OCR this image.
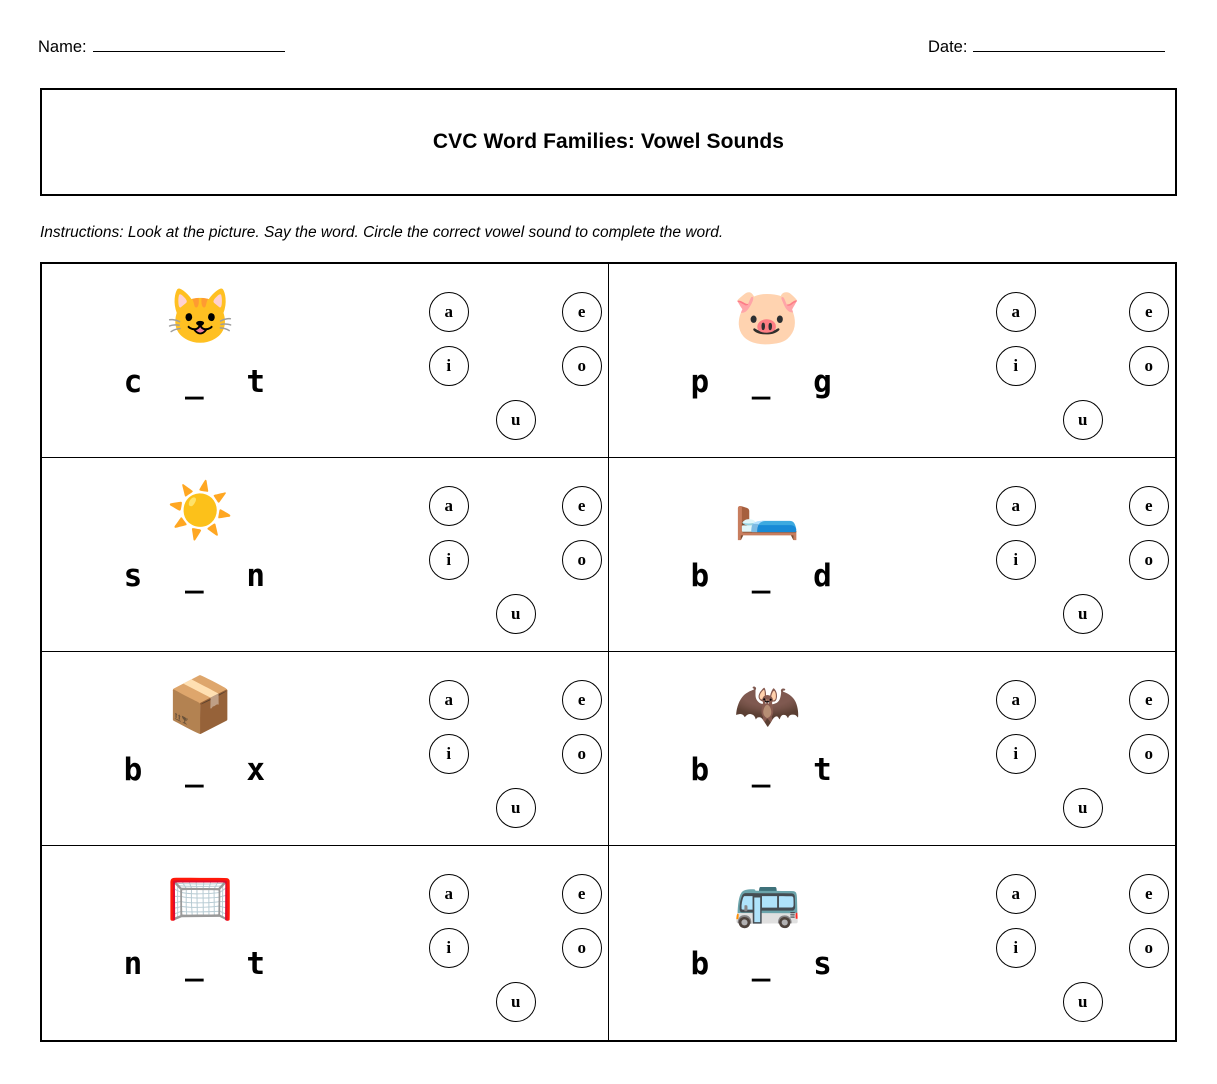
Name:	Date:
CVC Word Families: Vowel Sounds
Instructions: Look at the picture. Say the word. Circle the correct vowel sound to complete the word.
😺
c _ t
a	e
i	o
u
🐷
p _ g
a	e
i	o
u
☀️
s _ n
a	e
i	o
u
🛏️
b _ d
a	e
i	o
u
📦
b _ x
a	e
i	o
u
🦇
b _ t
a	e
i	o
u
🥅
n _ t
a	e
i	o
u
🚌
b _ s
a	e
i	o
u
